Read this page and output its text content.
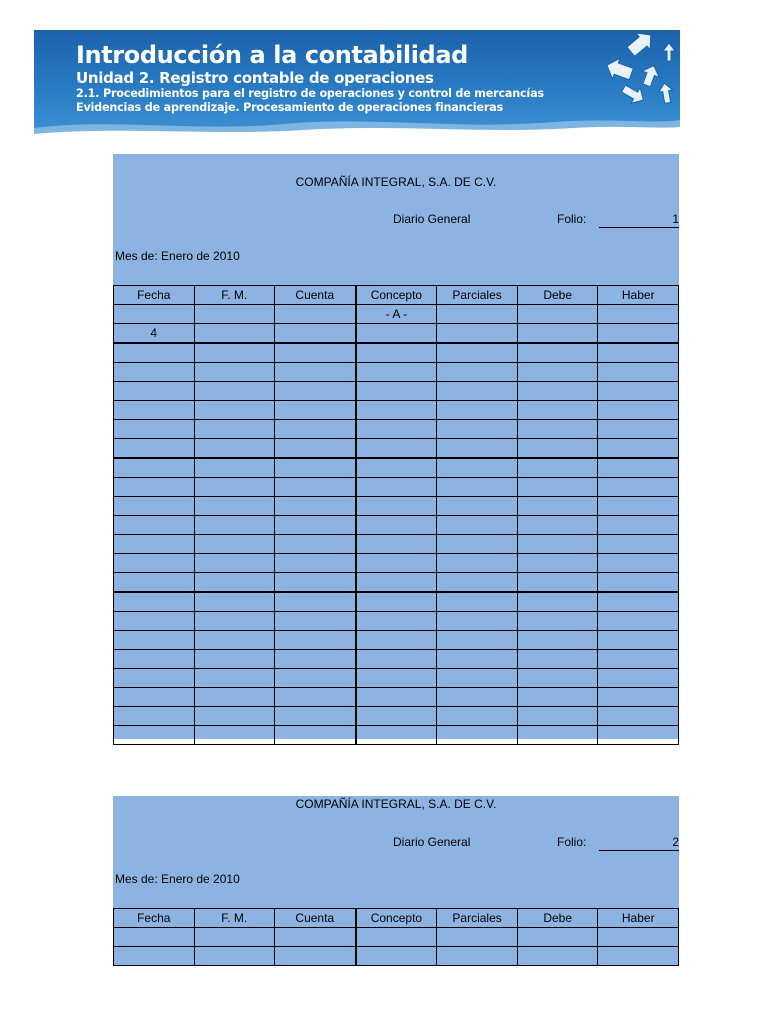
Introducción a la contabilidad
Unidad 2. Registro contable de operaciones
2.1. Procedimientos para el registro de operaciones y control de mercancías
Evidencias de aprendizaje. Procesamiento de operaciones financieras
COMPAÑÍA INTEGRAL, S.A. DE C.V.
Diario General	Folio:	1
Mes de: Enero de 2010
Fecha	F. M.	Cuenta	Concepto	Parciales	Debe	Haber
			- A -			
4						

COMPAÑÍA INTEGRAL, S.A. DE C.V.
Diario General	Folio:	2
Mes de: Enero de 2010
Fecha	F. M.	Cuenta	Concepto	Parciales	Debe	Haber
